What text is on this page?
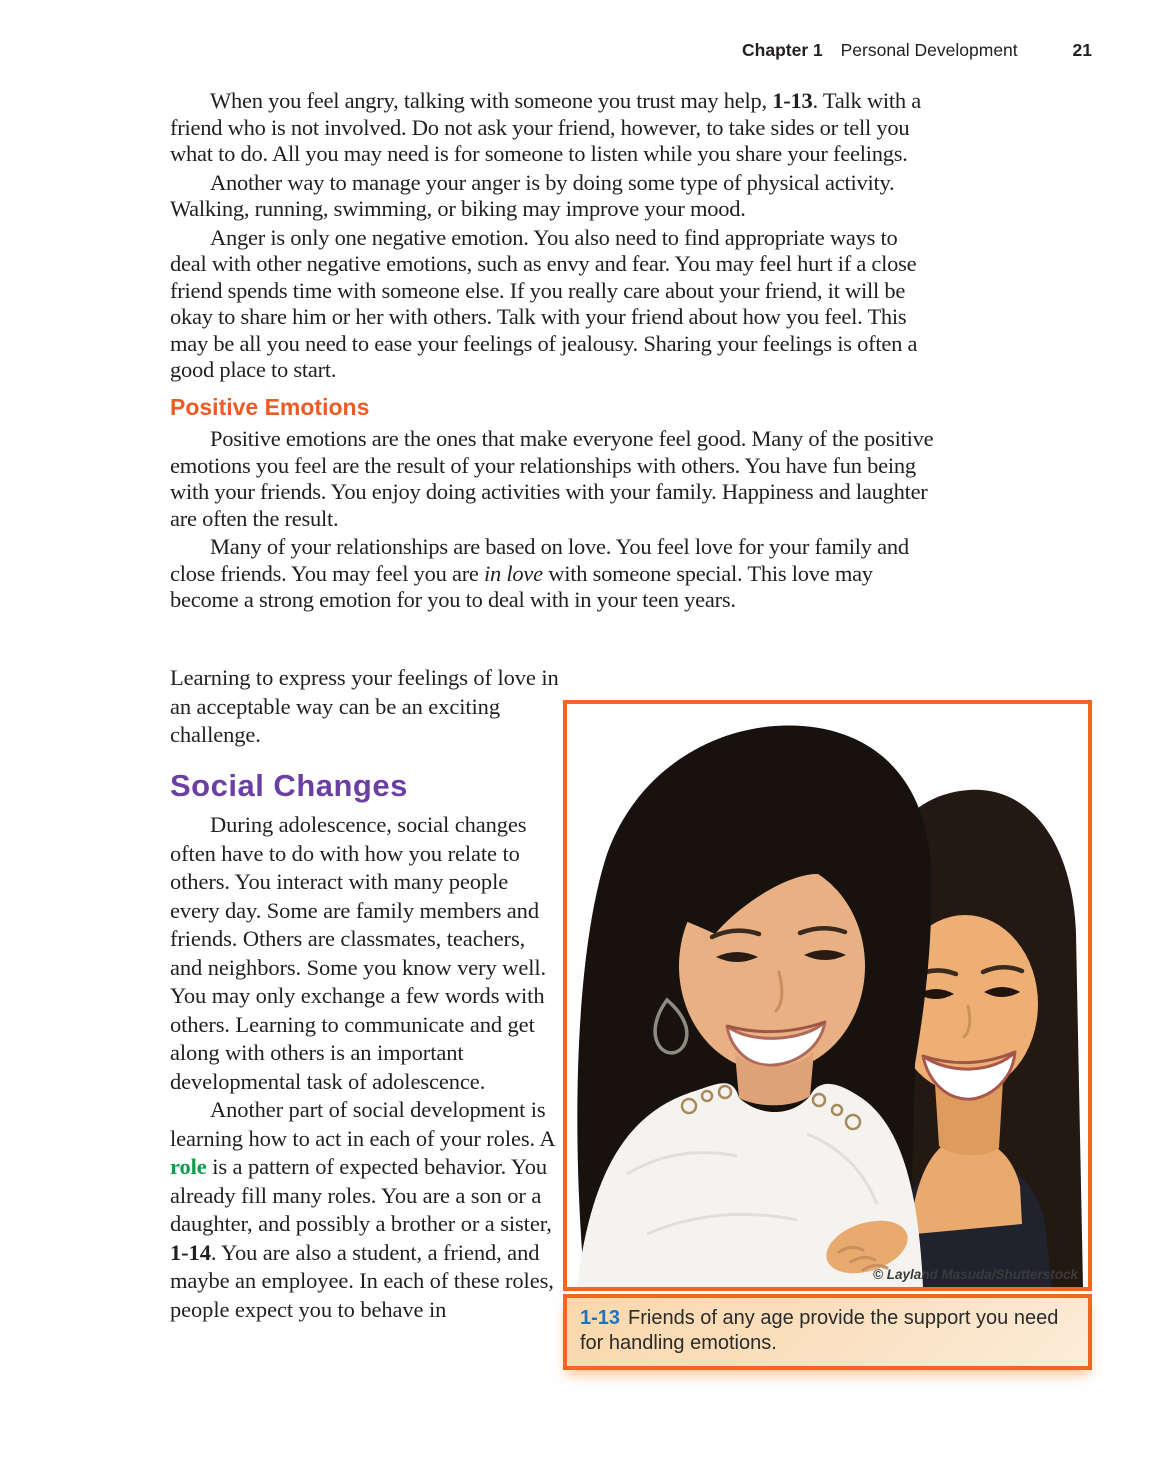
Chapter 1 Personal Development	21

When you feel angry, talking with someone you trust may help, 1-13. Talk with a friend who is not involved. Do not ask your friend, however, to take sides or tell you what to do. All you may need is for someone to listen while you share your feelings.

Another way to manage your anger is by doing some type of physical activity. Walking, running, swimming, or biking may improve your mood.

Anger is only one negative emotion. You also need to find appropriate ways to deal with other negative emotions, such as envy and fear. You may feel hurt if a close friend spends time with someone else. If you really care about your friend, it will be okay to share him or her with others. Talk with your friend about how you feel. This may be all you need to ease your feelings of jealousy. Sharing your feelings is often a good place to start.

Positive Emotions

Positive emotions are the ones that make everyone feel good. Many of the positive emotions you feel are the result of your relationships with others. You have fun being with your friends. You enjoy doing activities with your family. Happiness and laughter are often the result.

Many of your relationships are based on love. You feel love for your family and close friends. You may feel you are in love with someone special. This love may become a strong emotion for you to deal with in your teen years.

Learning to express your feelings of love in an acceptable way can be an exciting challenge.

Social Changes

During adolescence, social changes often have to do with how you relate to others. You interact with many people every day. Some are family members and friends. Others are classmates, teachers, and neighbors. Some you know very well. You may only exchange a few words with others. Learning to communicate and get along with others is an important developmental task of adolescence.

Another part of social development is learning how to act in each of your roles. A role is a pattern of expected behavior. You already fill many roles. You are a son or a daughter, and possibly a brother or a sister, 1-14. You are also a student, a friend, and maybe an employee. In each of these roles, people expect you to behave in

© Layland Masuda/Shutterstock
1-13 Friends of any age provide the support you need for handling emotions.
